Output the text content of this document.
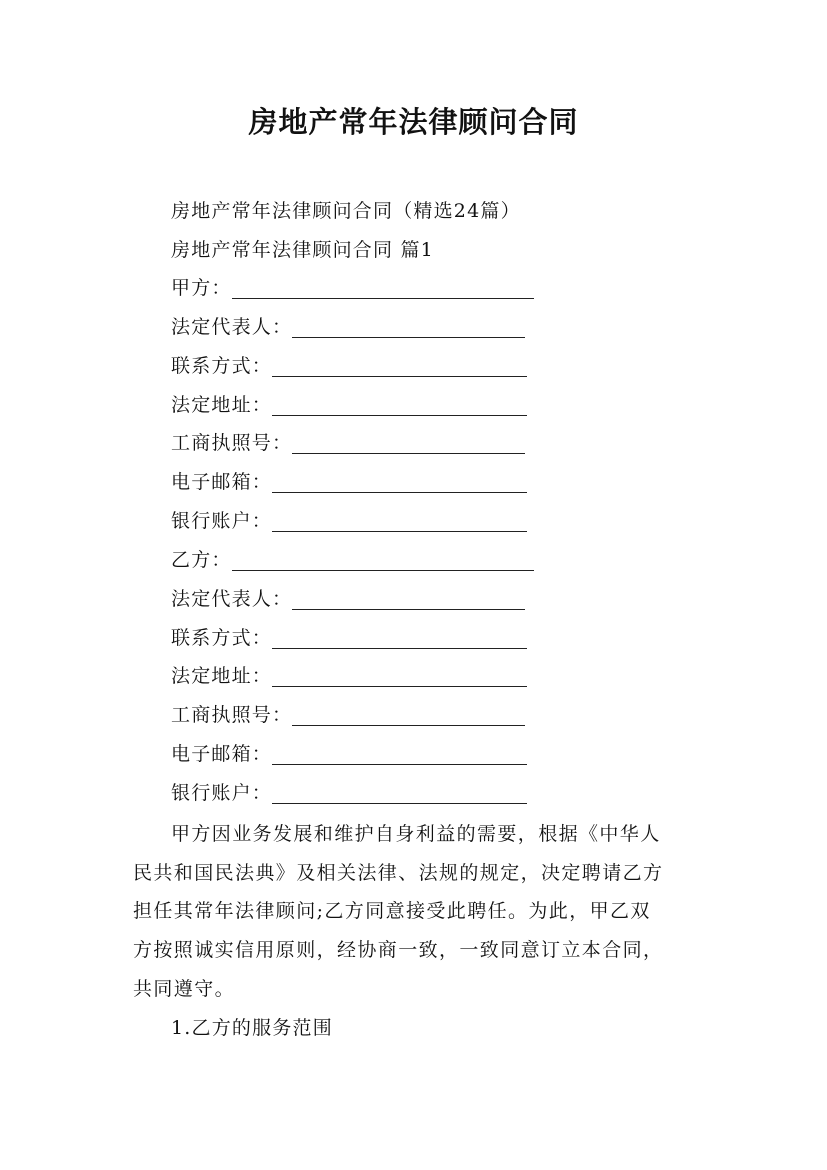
房地产常年法律顾问合同
房地产常年法律顾问合同（精选24篇）
房地产常年法律顾问合同 篇1
甲方：
法定代表人：
联系方式：
法定地址：
工商执照号：
电子邮箱：
银行账户：
乙方：
法定代表人：
联系方式：
法定地址：
工商执照号：
电子邮箱：
银行账户：
甲方因业务发展和维护自身利益的需要，根据《中华人
民共和国民法典》及相关法律、法规的规定，决定聘请乙方
担任其常年法律顾问;乙方同意接受此聘任。为此，甲乙双
方按照诚实信用原则，经协商一致，一致同意订立本合同，
共同遵守。
1.乙方的服务范围
